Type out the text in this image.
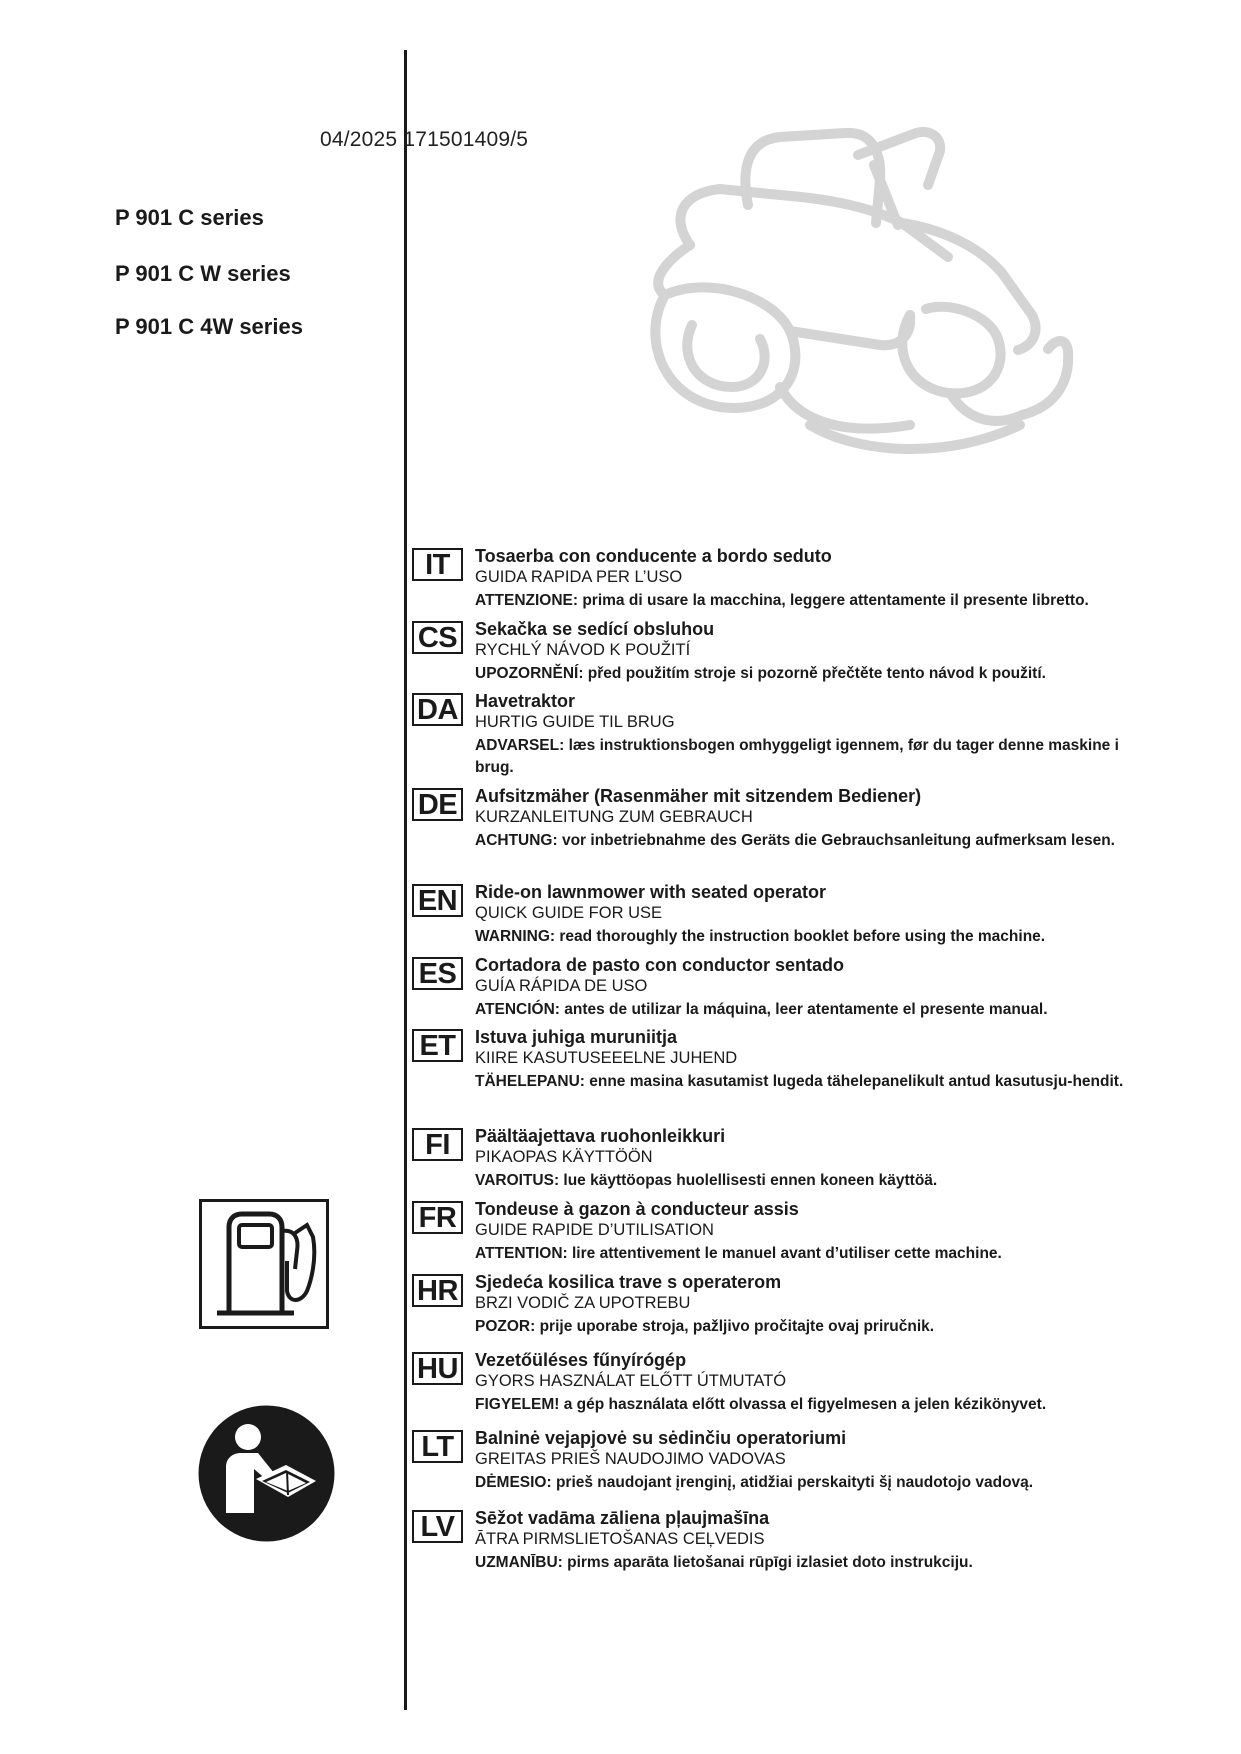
04/2025 171501409/5
P 901 C series
P 901 C W series
P 901 C 4W series
IT	Tosaerba con conducente a bordo seduto
GUIDA RAPIDA PER L’USO
ATTENZIONE: prima di usare la macchina, leggere attentamente il presente libretto.
CS Sekačka se sedící obsluhou
RYCHLÝ NÁVOD K POUŽITÍ
UPOZORNĚNÍ: před použitím stroje si pozorně přečtěte tento návod k použití.
DA Havetraktor
HURTIG GUIDE TIL BRUG
ADVARSEL: læs instruktionsbogen omhyggeligt igennem, før du tager denne maskine i brug.
DE Aufsitzmäher (Rasenmäher mit sitzendem Bediener)
KURZANLEITUNG ZUM GEBRAUCH
ACHTUNG: vor inbetriebnahme des Geräts die Gebrauchsanleitung aufmerksam lesen.
EN Ride-on lawnmower with seated operator
QUICK GUIDE FOR USE
WARNING: read thoroughly the instruction booklet before using the machine.
ES	Cortadora de pasto con conductor sentado
GUÍA RÁPIDA DE USO
ATENCIÓN: antes de utilizar la máquina, leer atentamente el presente manual.
ET	Istuva juhiga muruniitja
KIIRE KASUTUSEEELNE JUHEND
TÄHELEPANU: enne masina kasutamist lugeda tähelepanelikult antud kasutusju-hendit.
FI	Päältäajettava ruohonleikkuri
PIKAOPAS KÄYTTÖÖN
VAROITUS: lue käyttöopas huolellisesti ennen koneen käyttöä.
FR	Tondeuse à gazon à conducteur assis
GUIDE RAPIDE D’UTILISATION
ATTENTION: lire attentivement le manuel avant d’utiliser cette machine.
HR Sjedeća kosilica trave s operaterom
BRZI VODIČ ZA UPOTREBU
POZOR: prije uporabe stroja, pažljivo pročitajte ovaj priručnik.
HU Vezetőüléses fűnyírógép
GYORS HASZNÁLAT ELŐTT ÚTMUTATÓ
FIGYELEM! a gép használata előtt olvassa el figyelmesen a jelen kézikönyvet.
LT	Balninė vejapjovė su sėdinčiu operatoriumi
GREITAS PRIEŠ NAUDOJIMO VADOVAS
DĖMESIO: prieš naudojant įrenginį, atidžiai perskaityti šį naudotojo vadovą.
LV	Sēžot vadāma zāliena pļaujmašīna
ĀTRA PIRMSLIETOŠANAS CEĻVEDIS
UZMANĪBU: pirms aparāta lietošanai rūpīgi izlasiet doto instrukciju.
